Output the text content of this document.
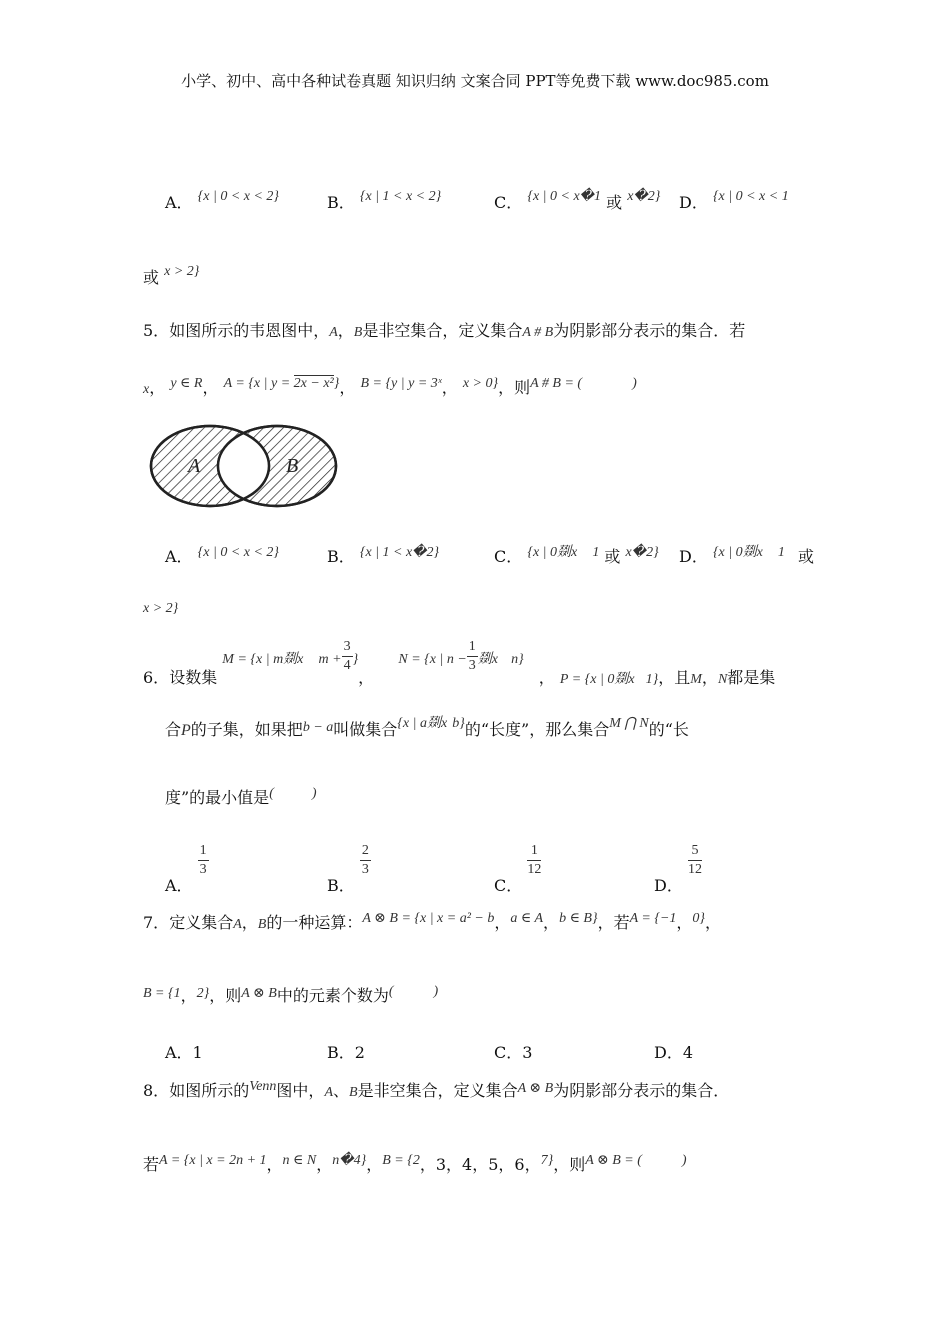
小学、初中、高中各种试卷真题 知识归纳 文案合同 PPT等免费下载 www.doc985.com
A． {x | 0 < x < 2}	B． {x | 1 < x < 2}	C． {x | 0 < x�1 或 x�2} D． {x | 0 < x < 1
或 x > 2}
5．如图所示的韦恩图中，A，B是非空集合，定义集合A # B为阴影部分表示的集合．若
x， y ∈ R， A = {x | y = 2x − x²}， B = {y | y = 3ˣ， x > 0}，则A # B = (	)
A	B
A． {x | 0 < x < 2}	B． {x | 1 < x�2}	C． {x | 0剟x 1 或 x�2} D． {x | 0剟x 1 或
x > 2}
6．设数集 M = {x | m剟x $m + \frac{3}{4}$ }，  N = {x | $n - \frac{1}{3}$ 剟x n} ， P = {x | 0剟x 1}，且M，N都是集
合P的子集，如果把b − a叫做集合{x | a剟x b}的“长度”，那么集合M ⋂ N的“长
度”的最小值是(	)
A．
$\frac{1}{3}$
B．
$\frac{2}{3}$
C．
$\frac{1}{12}$
D．
$\frac{5}{12}$
7．定义集合A，B的一种运算：A ⊗ B = {x | x = a² − b，a ∈ A，b ∈ B}，若A = {−1，0}，
B = {1，2}，则A ⊗ B中的元素个数为(	)
A．1	B．2	C．3	D．4
8．如图所示的Venn图中，A、B是非空集合，定义集合A ⊗ B为阴影部分表示的集合．
若A = {x | x = 2n + 1，n ∈ N，n�4}，B = {2，3，4，5，6，7}，则A ⊗ B = (	)
